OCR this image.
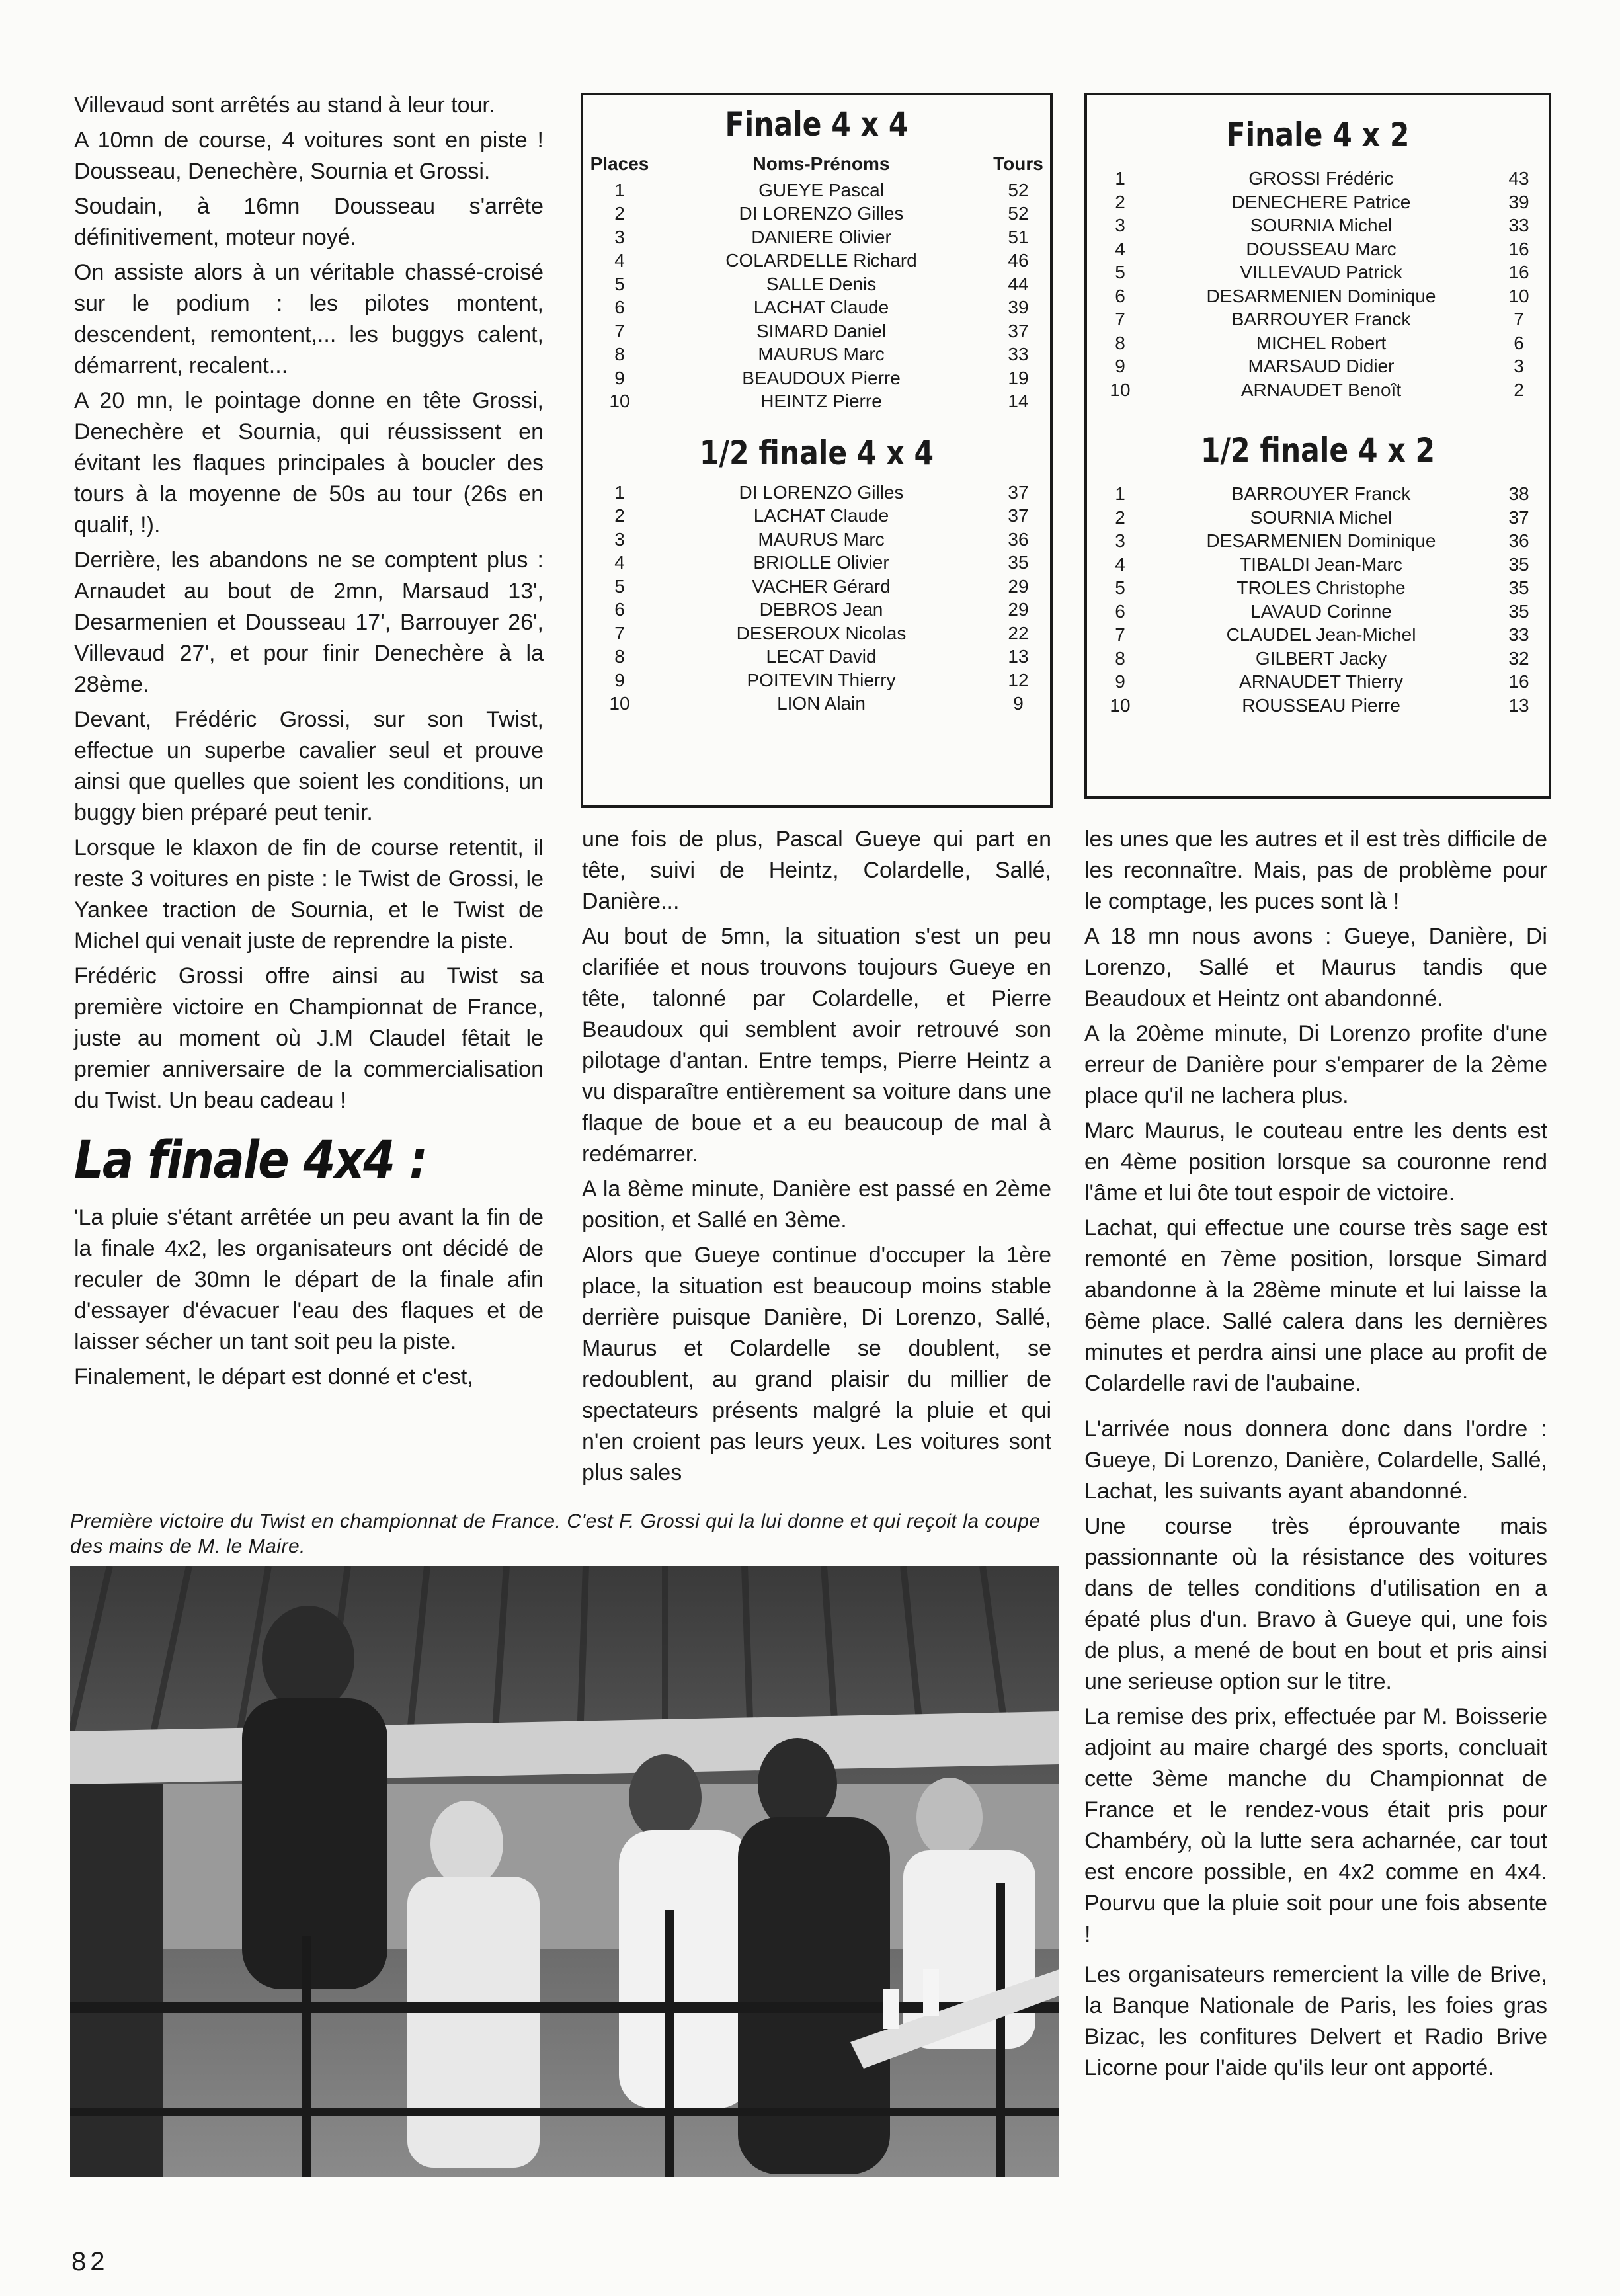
Villevaud sont arrêtés au stand à leur tour.

A 10mn de course, 4 voitures sont en piste ! Dousseau, Denechère, Sournia et Grossi.

Soudain, à 16mn Dousseau s'arrête définitivement, moteur noyé.

On assiste alors à un véritable chassé-croisé sur le podium : les pilotes montent, descendent, remontent,... les buggys calent, démarrent, recalent...

A 20 mn, le pointage donne en tête Grossi, Denechère et Sournia, qui réussissent en évitant les flaques principales à boucler des tours à la moyenne de 50s au tour (26s en qualif, !).

Derrière, les abandons ne se comptent plus : Arnaudet au bout de 2mn, Marsaud 13', Desarmenien et Dousseau 17', Barrouyer 26', Villevaud 27', et pour finir Denechère à la 28ème.

Devant, Frédéric Grossi, sur son Twist, effectue un superbe cavalier seul et prouve ainsi que quelles que soient les conditions, un buggy bien préparé peut tenir.

Lorsque le klaxon de fin de course retentit, il reste 3 voitures en piste : le Twist de Grossi, le Yankee traction de Sournia, et le Twist de Michel qui venait juste de reprendre la piste.

Frédéric Grossi offre ainsi au Twist sa première victoire en Championnat de France, juste au moment où J.M Claudel fêtait le premier anniversaire de la commercialisation du Twist. Un beau cadeau !

La finale 4x4 :

'La pluie s'étant arrêtée un peu avant la fin de la finale 4x2, les organisateurs ont décidé de reculer de 30mn le départ de la finale afin d'essayer d'évacuer l'eau des flaques et de laisser sécher un tant soit peu la piste.

Finalement, le départ est donné et c'est,

Finale 4 x 4
Places	Noms-Prénoms	Tours
1	GUEYE Pascal	52
2	DI LORENZO Gilles	52
3	DANIERE Olivier	51
4	COLARDELLE Richard	46
5	SALLE Denis	44
6	LACHAT Claude	39
7	SIMARD Daniel	37
8	MAURUS Marc	33
9	BEAUDOUX Pierre	19
10	HEINTZ Pierre	14
1/2 finale 4 x 4
1	DI LORENZO Gilles	37
2	LACHAT Claude	37
3	MAURUS Marc	36
4	BRIOLLE Olivier	35
5	VACHER Gérard	29
6	DEBROS Jean	29
7	DESEROUX Nicolas	22
8	LECAT David	13
9	POITEVIN Thierry	12
10	LION Alain	9
Finale 4 x 2
1	GROSSI Frédéric	43
2	DENECHERE Patrice	39
3	SOURNIA Michel	33
4	DOUSSEAU Marc	16
5	VILLEVAUD Patrick	16
6	DESARMENIEN Dominique	10
7	BARROUYER Franck	7
8	MICHEL Robert	6
9	MARSAUD Didier	3
10	ARNAUDET Benoît	2
1/2 finale 4 x 2
1	BARROUYER Franck	38
2	SOURNIA Michel	37
3	DESARMENIEN Dominique	36
4	TIBALDI Jean-Marc	35
5	TROLES Christophe	35
6	LAVAUD Corinne	35
7	CLAUDEL Jean-Michel	33
8	GILBERT Jacky	32
9	ARNAUDET Thierry	16
10	ROUSSEAU Pierre	13

une fois de plus, Pascal Gueye qui part en tête, suivi de Heintz, Colardelle, Sallé, Danière...

Au bout de 5mn, la situation s'est un peu clarifiée et nous trouvons toujours Gueye en tête, talonné par Colardelle, et Pierre Beaudoux qui semblent avoir retrouvé son pilotage d'antan. Entre temps, Pierre Heintz a vu disparaître entièrement sa voiture dans une flaque de boue et a eu beaucoup de mal à redémarrer.

A la 8ème minute, Danière est passé en 2ème position, et Sallé en 3ème.

Alors que Gueye continue d'occuper la 1ère place, la situation est beaucoup moins stable derrière puisque Danière, Di Lorenzo, Sallé, Maurus et Colardelle se doublent, se redoublent, au grand plaisir du millier de spectateurs présents malgré la pluie et qui n'en croient pas leurs yeux. Les voitures sont plus sales

les unes que les autres et il est très difficile de les reconnaître. Mais, pas de problème pour le comptage, les puces sont là !

A 18 mn nous avons : Gueye, Danière, Di Lorenzo, Sallé et Maurus tandis que Beaudoux et Heintz ont abandonné.

A la 20ème minute, Di Lorenzo profite d'une erreur de Danière pour s'emparer de la 2ème place qu'il ne lachera plus.

Marc Maurus, le couteau entre les dents est en 4ème position lorsque sa couronne rend l'âme et lui ôte tout espoir de victoire.

Lachat, qui effectue une course très sage est remonté en 7ème position, lorsque Simard abandonne à la 28ème minute et lui laisse la 6ème place. Sallé calera dans les dernières minutes et perdra ainsi une place au profit de Colardelle ravi de l'aubaine.

L'arrivée nous donnera donc dans l'ordre : Gueye, Di Lorenzo, Danière, Colardelle, Sallé, Lachat, les suivants ayant abandonné.

Une course très éprouvante mais passionnante où la résistance des voitures dans de telles conditions d'utilisation en a épaté plus d'un. Bravo à Gueye qui, une fois de plus, a mené de bout en bout et pris ainsi une serieuse option sur le titre.

La remise des prix, effectuée par M. Boisserie adjoint au maire chargé des sports, concluait cette 3ème manche du Championnat de France et le rendez-vous était pris pour Chambéry, où la lutte sera acharnée, car tout est encore possible, en 4x2 comme en 4x4. Pourvu que la pluie soit pour une fois absente !

Les organisateurs remercient la ville de Brive, la Banque Nationale de Paris, les foies gras Bizac, les confitures Delvert et Radio Brive Licorne pour l'aide qu'ils leur ont apporté.

Première victoire du Twist en championnat de France. C'est F. Grossi qui la lui donne et qui reçoit la coupe des mains de M. le Maire.
82
